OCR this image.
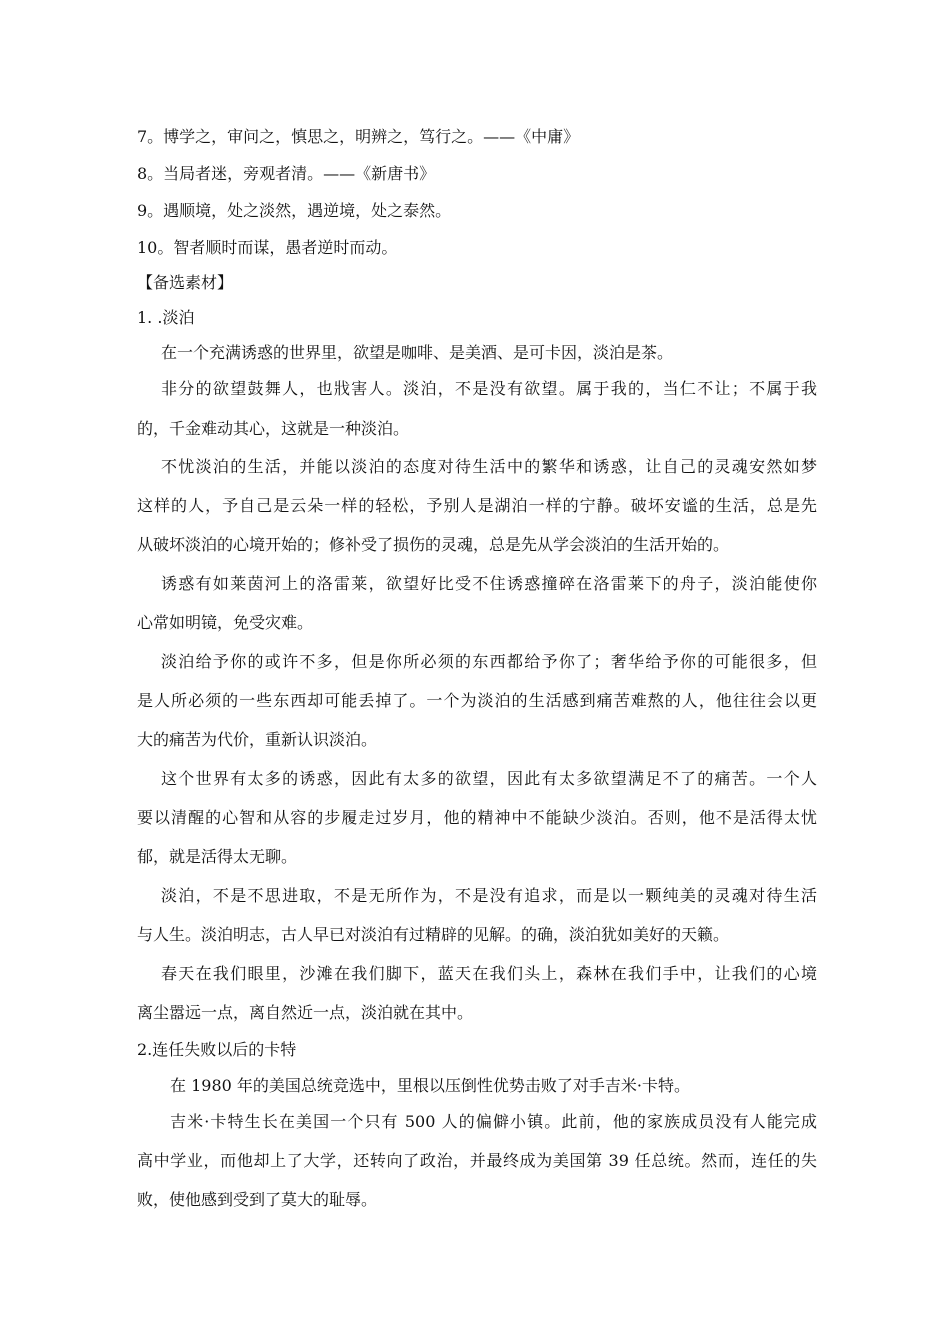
7。博学之，审问之，慎思之，明辨之，笃行之。——《中庸》
8。当局者迷，旁观者清。——《新唐书》
9。遇顺境，处之淡然，遇逆境，处之泰然。
10。智者顺时而谋，愚者逆时而动。
【备选素材】
1. .淡泊
在一个充满诱惑的世界里，欲望是咖啡、是美酒、是可卡因，淡泊是茶。
非分的欲望鼓舞人，也戕害人。淡泊，不是没有欲望。属于我的，当仁不让；不属于我
的，千金难动其心，这就是一种淡泊。
不忧淡泊的生活，并能以淡泊的态度对待生活中的繁华和诱惑，让自己的灵魂安然如梦
这样的人，予自己是云朵一样的轻松，予别人是湖泊一样的宁静。破坏安谧的生活，总是先
从破坏淡泊的心境开始的；修补受了损伤的灵魂，总是先从学会淡泊的生活开始的。
诱惑有如莱茵河上的洛雷莱，欲望好比受不住诱惑撞碎在洛雷莱下的舟子，淡泊能使你
心常如明镜，免受灾难。
淡泊给予你的或许不多，但是你所必须的东西都给予你了；奢华给予你的可能很多，但
是人所必须的一些东西却可能丢掉了。一个为淡泊的生活感到痛苦难熬的人，他往往会以更
大的痛苦为代价，重新认识淡泊。
这个世界有太多的诱惑，因此有太多的欲望，因此有太多欲望满足不了的痛苦。一个人
要以清醒的心智和从容的步履走过岁月，他的精神中不能缺少淡泊。否则，他不是活得太忧
郁，就是活得太无聊。
淡泊，不是不思进取，不是无所作为，不是没有追求，而是以一颗纯美的灵魂对待生活
与人生。淡泊明志，古人早已对淡泊有过精辟的见解。的确，淡泊犹如美好的天籁。
春天在我们眼里，沙滩在我们脚下，蓝天在我们头上，森林在我们手中，让我们的心境
离尘嚣远一点，离自然近一点，淡泊就在其中。
2.连任失败以后的卡特
在 1980 年的美国总统竞选中，里根以压倒性优势击败了对手吉米·卡特。
吉米·卡特生长在美国一个只有 500 人的偏僻小镇。此前，他的家族成员没有人能完成
高中学业，而他却上了大学，还转向了政治，并最终成为美国第 39 任总统。然而，连任的失
败，使他感到受到了莫大的耻辱。
